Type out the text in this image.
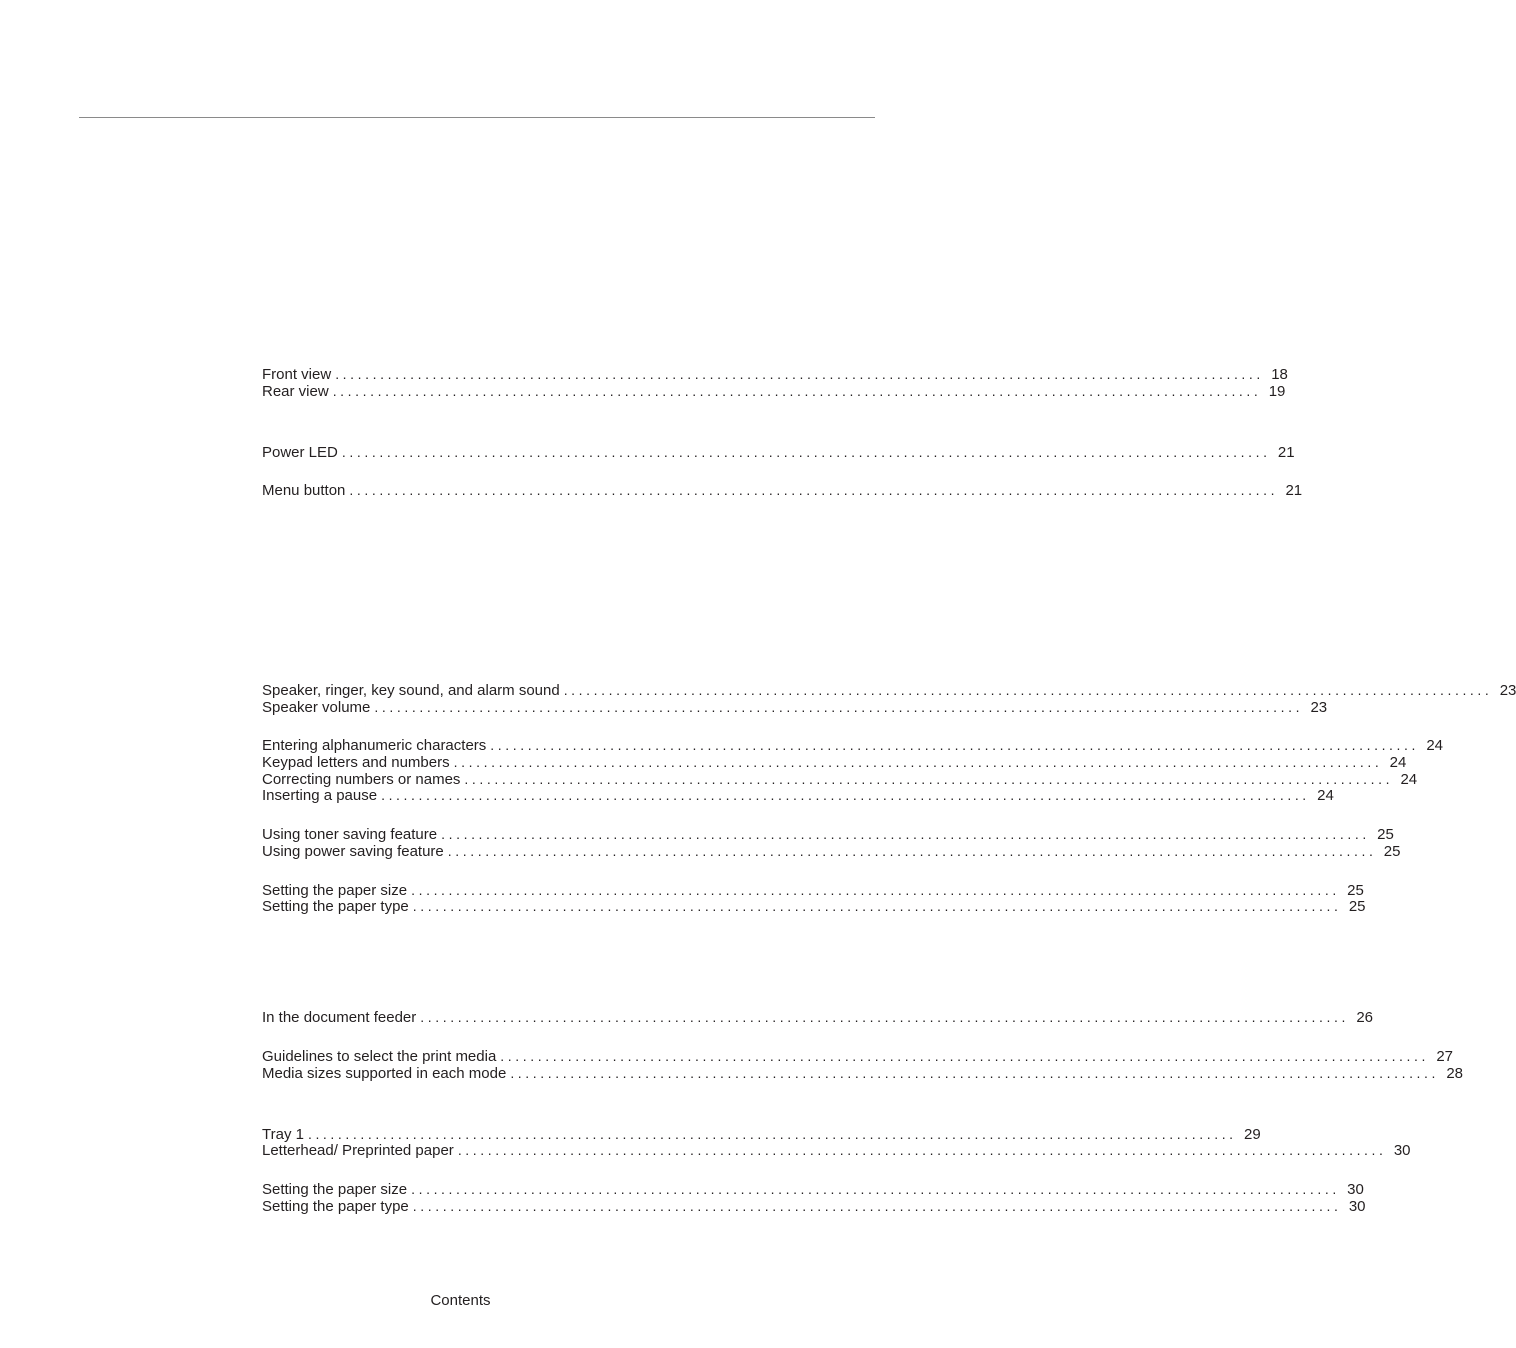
Front view ............................................................................................................................ 18
Rear view ............................................................................................................................ 19
Power LED ............................................................................................................................ 21
Menu button ............................................................................................................................ 21
Speaker, ringer, key sound, and alarm sound ............................................................................................................................ 23
Speaker volume ............................................................................................................................ 23
Entering alphanumeric characters ............................................................................................................................ 24
Keypad letters and numbers ............................................................................................................................ 24
Correcting numbers or names ............................................................................................................................ 24
Inserting a pause ............................................................................................................................ 24
Using toner saving feature ............................................................................................................................ 25
Using power saving feature ............................................................................................................................ 25
Setting the paper size ............................................................................................................................ 25
Setting the paper type ............................................................................................................................ 25
In the document feeder ............................................................................................................................ 26
Guidelines to select the print media ............................................................................................................................ 27
Media sizes supported in each mode ............................................................................................................................ 28
Tray 1 ............................................................................................................................ 29
Letterhead/ Preprinted paper ............................................................................................................................ 30
Setting the paper size ............................................................................................................................ 30
Setting the paper type ............................................................................................................................ 30
Contents
